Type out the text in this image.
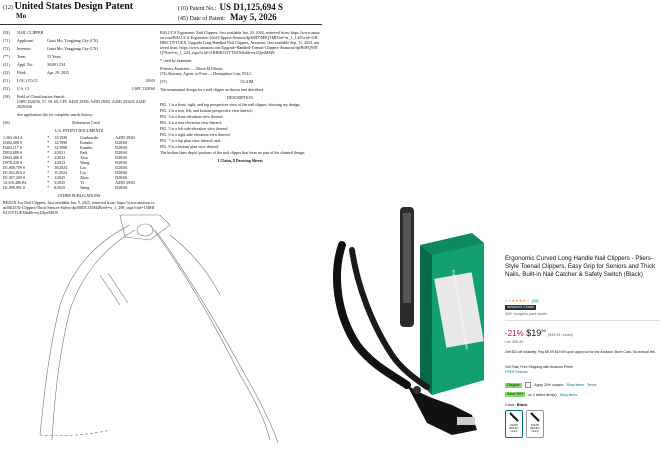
(12) United States Design Patent
Mo
(10) Patent No.: US D1,125,694 S
(45) Date of Patent: May 5, 2026
(54)	NAIL CLIPPER
(71)	Applicant:	Guizi Mo, Yongjiang City (CN)
(72)	Inventor:	Guizi Mo, Yongjiang City (CN)
(**)	Term:	15 Years
(21)	Appl. No.:	30/001,534
(22)	Filed:	Apr. 29, 2025
(51)	LOC (15) Cl.	28-03
(52)	U.S. Cl.	USPC D28/60
(58)	Field of Classification Search
USPC D28/56, 57, 58, 60; CPC A45D 29/00; A45D 29/02; A45D 29/023; A45D 2029/026
See application file for complete search history.
(56)	References Cited
U.S. PATENT DOCUMENTS
1,363,164 A	*	12/1920	Gonkowski	A45D 29/02
D402,408 S	*	12/1998	Kaneko	D28/60
D403,117 S	*	12/1998	Kaneko	D28/60
D910,889 S	*	2/2021	Park	D28/60
D943,486 S	*	2/2022	Xiao	D28/60
D978,438 S	*	4/2023	Wang	D28/60
D1,000,709 S	*	10/2023	Liu	D28/60
D1,052,816 S	*	11/2024	Liu	D28/60
D1,057,269 S	*	1/2025	Zhou	D28/60
12,310,486 B1	*	5/2025	Yi	A45D 29/02
D1,090,991 S	*	8/2025	Wang	D28/60
OTHER PUBLICATIONS
BEZOX 1oz Nail Clippers, first available Jan. 5, 2025, retrieved from: https://www.amazon.com/BEZOX-Clippers-Thick-Seniors-Safety/dp/B0DC135M4B/ref=sr_1_298_sspa?crid=11BHIKCOYTUEX&dib=eyJ2IjoiMSJ9
BALUCA Ergonomic Nail Clippers, first available Jan. 20, 2024, retrieved from: https://www.amazon.com/BALUCA-Ergonomic-Nail-Clippers-Seniors/dp/B0D7M9QTMD/ref=sr_1_144?crid=11BHIKCOYTUEX. Upgrade Long Handled Nail Clippers, Avaurose, first available Sep. 11, 2023, retrieved from: https://www.amazon.com/Upgrade-Handled-Toenail-Clippers-Avaurose/dp/B0FQN8TQ7S/ref=sr_1_244_sspa?crid=11BHIKCOYTUEX&dib=eyJ2IjoiMSJ9.
* cited by examiner
Primary Examiner — Alison M Olintas
(74) Attorney, Agent, or Firm — Hemisphere Law, PLLC
(57)	CLAIM
The ornamental design for a nail clipper as shown and described.
DESCRIPTION
FIG. 1 is a front, right, and top perspective view of the nail clipper, showing my design;
FIG. 2 is a rear, left, and bottom perspective view thereof;
FIG. 3 is a front elevation view thereof;
FIG. 4 is a rear elevation view thereof;
FIG. 5 is a left side elevation view thereof;
FIG. 6 is a right side elevation view thereof;
FIG. 7 is a top plan view thereof; and,
FIG. 8 is a bottom plan view thereof.
The broken lines depict portions of the nail clipper that form no part of the claimed design.
1 Claim, 8 Drawing Sheets
Ergonomic Curved Long Handle Nail Clippers
Ergonomic Curved Long Handle Nail Clippers - Pliers-Style Toenail Clippers, Easy Grip for Seniors and Thick Nails, Built-in Nail Catcher & Safety Switch (Black)
4.4 ★★★★☆ (28)
Amazon's Choice
300+ bought in past month
-21% $\$19^{99}$ ($19.99 / count)
List: $25.99
Get $10 off instantly: Pay $9.99 $19.99 upon approval for the Amazon Store Card. No annual fee.
Get Fast, Free Shipping with Amazon Prime
FREE Returns
Coupon:	Apply 20% coupon Shop items Terms
Save 10%	on 2 select item(s) Shop items
Color: Black
$19.99
($19.99 / count)
$19.99
($19.99 / count)
